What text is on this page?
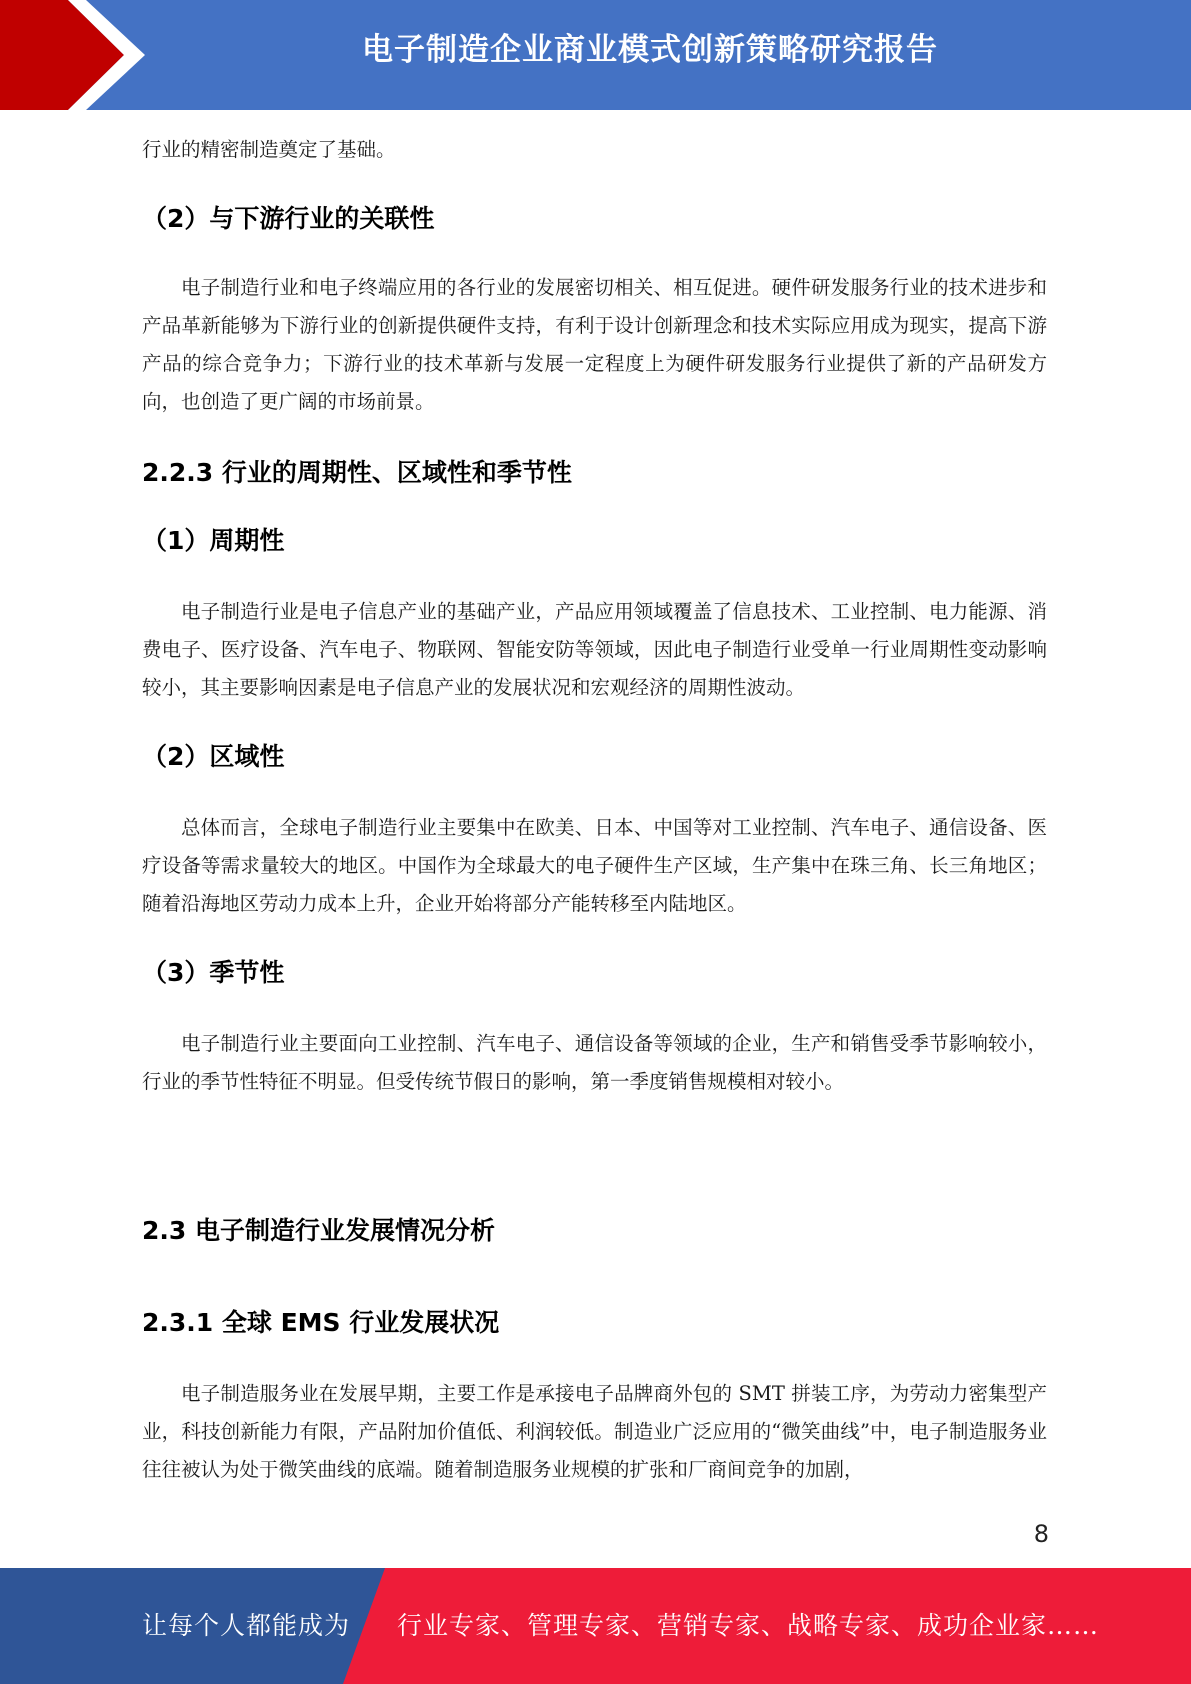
电子制造企业商业模式创新策略研究报告

行业的精密制造奠定了基础。

（2）与下游行业的关联性

电子制造行业和电子终端应用的各行业的发展密切相关、相互促进。硬件研发服务行业的技术进步和产品革新能够为下游行业的创新提供硬件支持，有利于设计创新理念和技术实际应用成为现实，提高下游产品的综合竞争力；下游行业的技术革新与发展一定程度上为硬件研发服务行业提供了新的产品研发方向，也创造了更广阔的市场前景。

2.2.3 行业的周期性、区域性和季节性
（1）周期性

电子制造行业是电子信息产业的基础产业，产品应用领域覆盖了信息技术、工业控制、电力能源、消费电子、医疗设备、汽车电子、物联网、智能安防等领域，因此电子制造行业受单一行业周期性变动影响较小，其主要影响因素是电子信息产业的发展状况和宏观经济的周期性波动。

（2）区域性

总体而言，全球电子制造行业主要集中在欧美、日本、中国等对工业控制、汽车电子、通信设备、医疗设备等需求量较大的地区。中国作为全球最大的电子硬件生产区域，生产集中在珠三角、长三角地区；随着沿海地区劳动力成本上升，企业开始将部分产能转移至内陆地区。

（3）季节性

电子制造行业主要面向工业控制、汽车电子、通信设备等领域的企业，生产和销售受季节影响较小，行业的季节性特征不明显。但受传统节假日的影响，第一季度销售规模相对较小。

2.3 电子制造行业发展情况分析
2.3.1 全球 EMS 行业发展状况

电子制造服务业在发展早期，主要工作是承接电子品牌商外包的 SMT 拼装工序，为劳动力密集型产业，科技创新能力有限，产品附加价值低、利润较低。制造业广泛应用的“微笑曲线”中，电子制造服务业往往被认为处于微笑曲线的底端。随着制造服务业规模的扩张和厂商间竞争的加剧，

8
让每个人都能成为 行业专家、管理专家、营销专家、战略专家、成功企业家……
